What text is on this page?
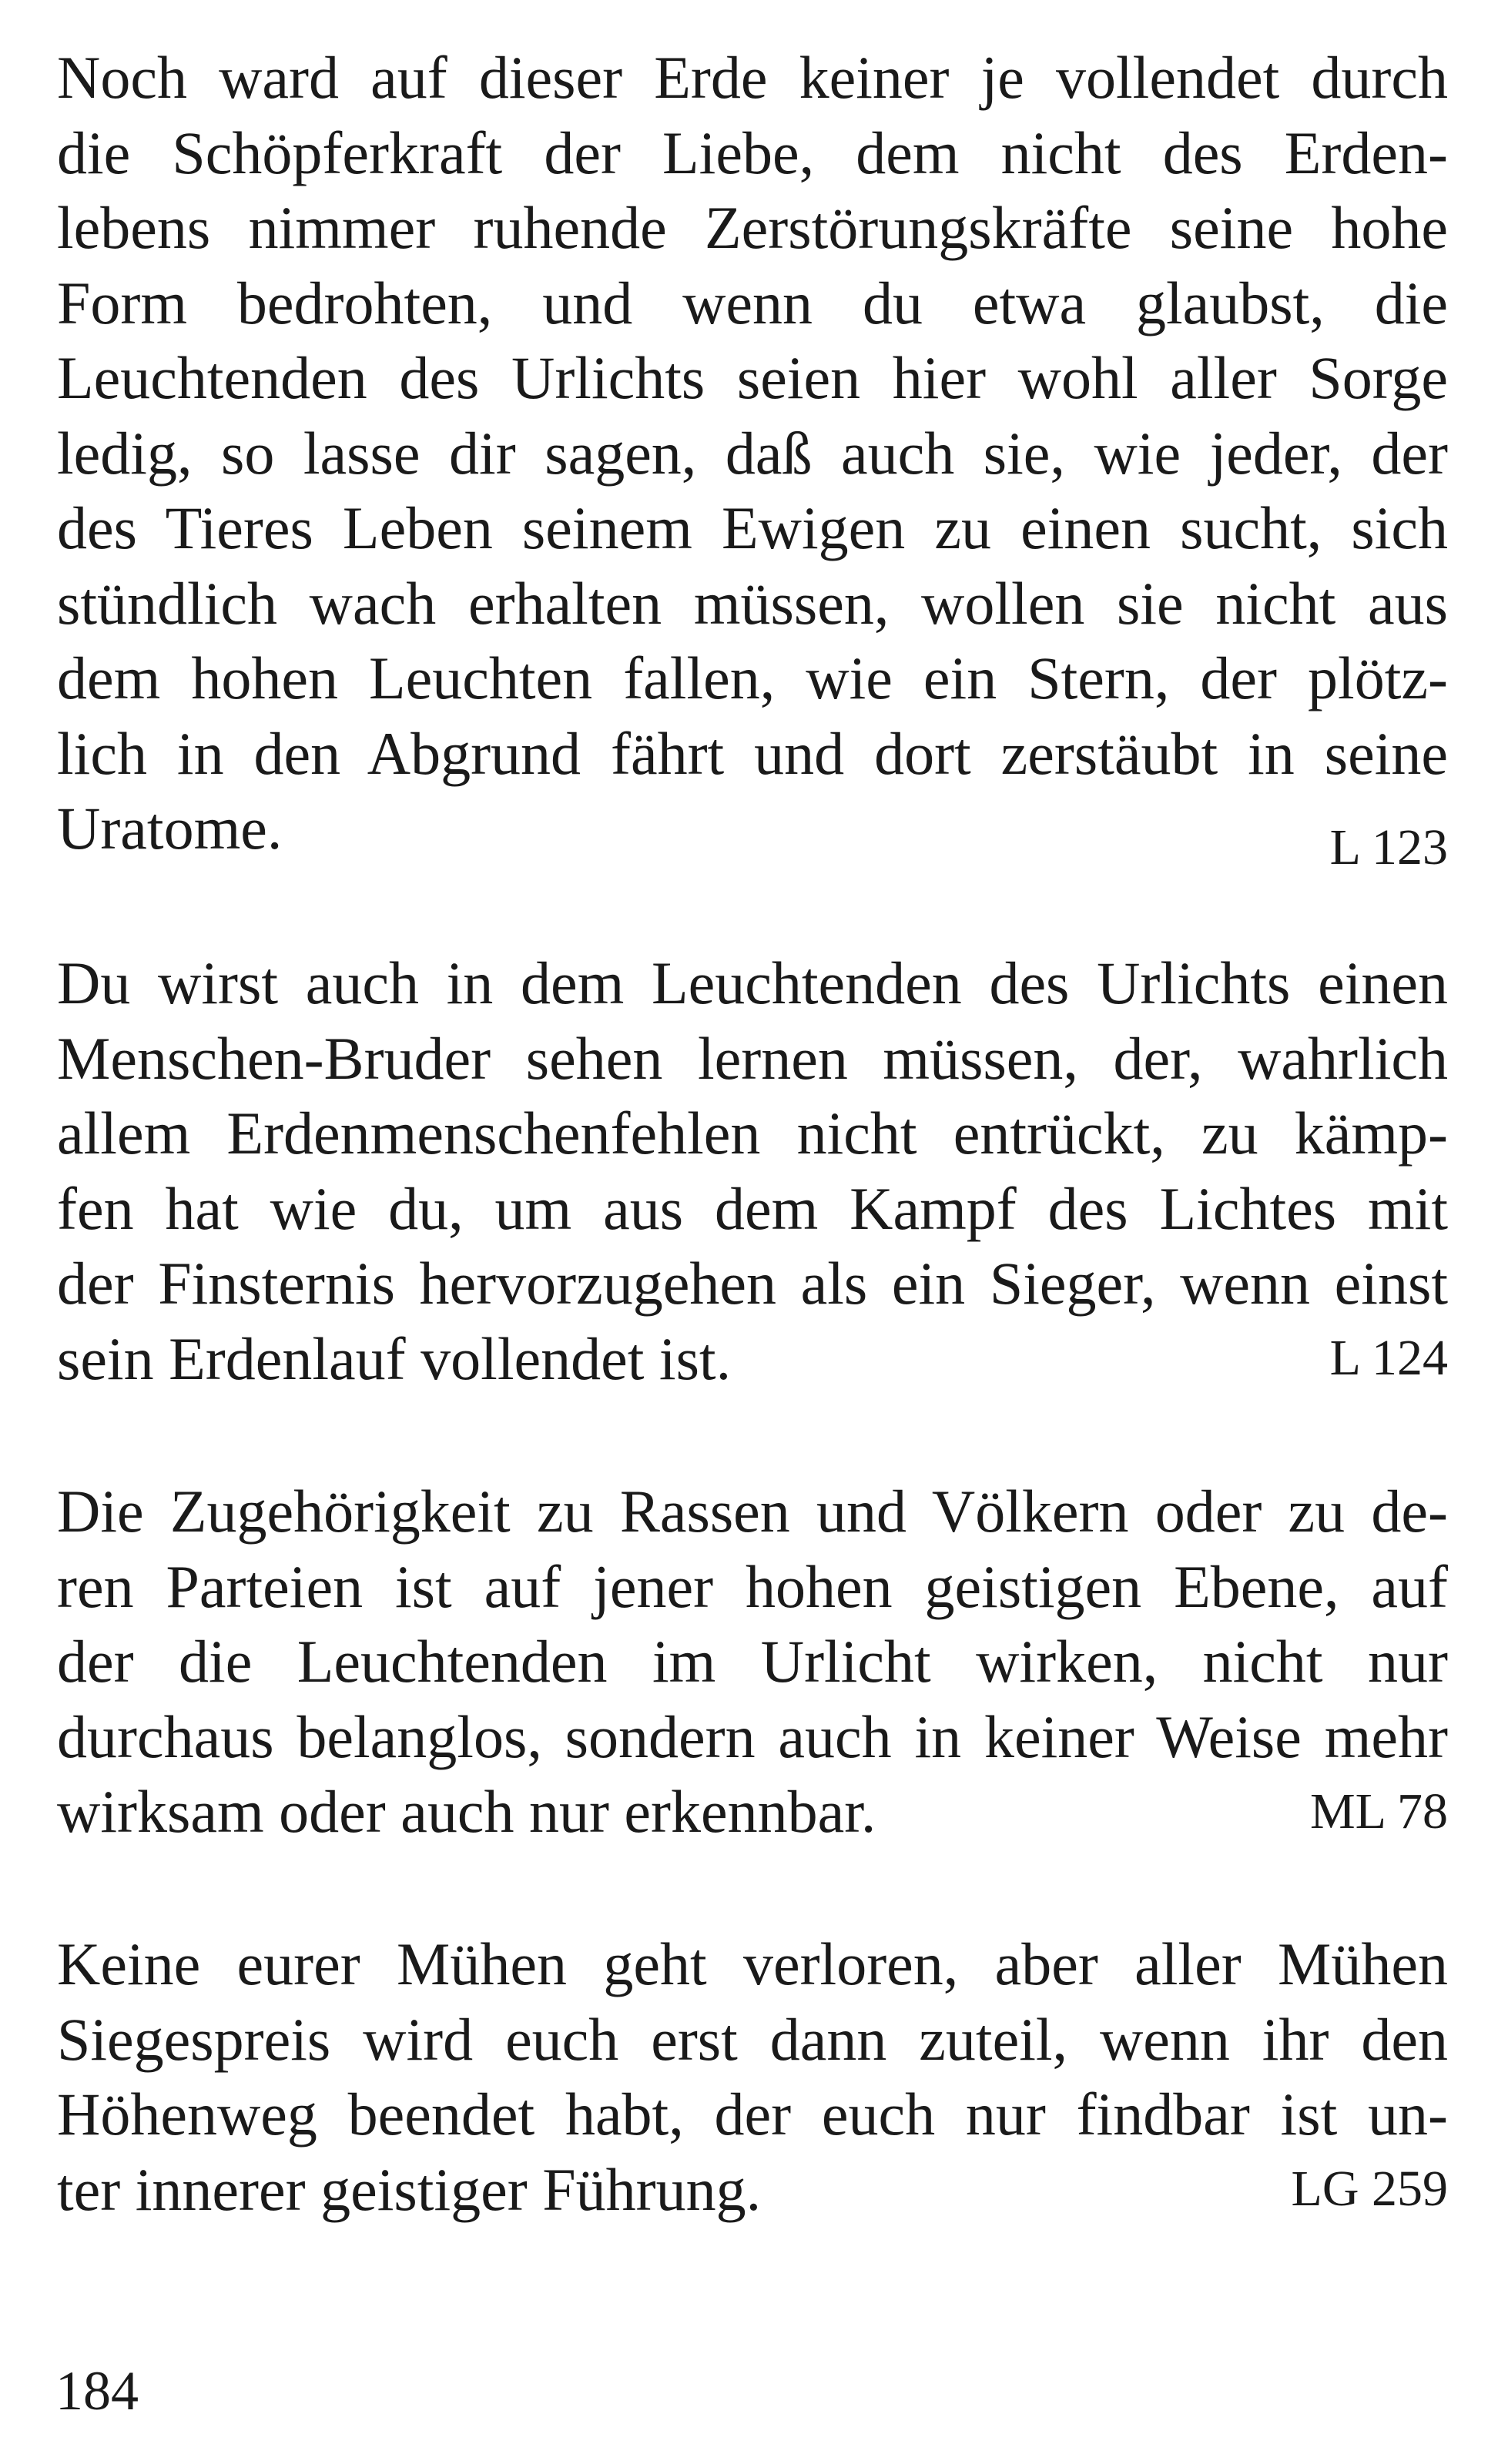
Noch ward auf dieser Erde keiner je vollendet durch
die Schöpferkraft der Liebe, dem nicht des Erden-
lebens nimmer ruhende Zerstörungskräfte seine hohe
Form bedrohten, und wenn du etwa glaubst, die
Leuchtenden des Urlichts seien hier wohl aller Sorge
ledig, so lasse dir sagen, daß auch sie, wie jeder, der
des Tieres Leben seinem Ewigen zu einen sucht, sich
stündlich wach erhalten müssen, wollen sie nicht aus
dem hohen Leuchten fallen, wie ein Stern, der plötz-
lich in den Abgrund fährt und dort zerstäubt in seine
Uratome.	L 123
Du wirst auch in dem Leuchtenden des Urlichts einen
Menschen-Bruder sehen lernen müssen, der, wahrlich
allem Erdenmenschenfehlen nicht entrückt, zu kämp-
fen hat wie du, um aus dem Kampf des Lichtes mit
der Finsternis hervorzugehen als ein Sieger, wenn einst
sein Erdenlauf vollendet ist.	L 124
Die Zugehörigkeit zu Rassen und Völkern oder zu de-
ren Parteien ist auf jener hohen geistigen Ebene, auf
der die Leuchtenden im Urlicht wirken, nicht nur
durchaus belanglos, sondern auch in keiner Weise mehr
wirksam oder auch nur erkennbar.	ML 78
Keine eurer Mühen geht verloren, aber aller Mühen
Siegespreis wird euch erst dann zuteil, wenn ihr den
Höhenweg beendet habt, der euch nur findbar ist un-
ter innerer geistiger Führung.	LG 259
184
